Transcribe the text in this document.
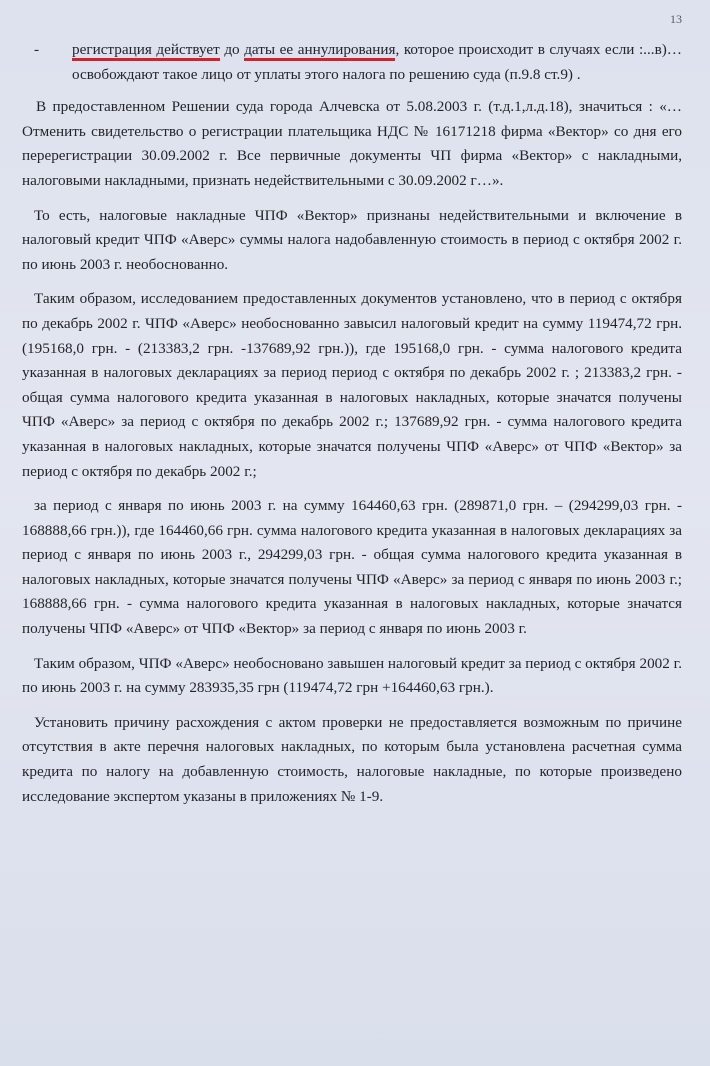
13
-	регистрация действует до даты ее аннулирования, которое происходит в случаях если :...в)…освобождают такое лицо от уплаты этого налога по решению суда (п.9.8 ст.9) .

В предоставленном Решении суда города Алчевска от 5.08.2003 г. (т.д.1,л.д.18), значиться : «… Отменить свидетельство о регистрации плательщика НДС № 16171218 фирма «Вектор» со дня его перерегистрации 30.09.2002 г. Все первичные документы ЧП фирма «Вектор» с накладными, налоговыми накладными, признать недействительными с 30.09.2002 г…».

То есть, налоговые накладные ЧПФ «Вектор» признаны недействительными и включение в налоговый кредит ЧПФ «Аверс» суммы налога надобавленную стоимость в период с октября 2002 г. по июнь 2003 г. необоснованно.

Таким образом, исследованием предоставленных документов установлено, что в период с октября по декабрь 2002 г. ЧПФ «Аверс» необоснованно завысил налоговый кредит на сумму 119474,72 грн. (195168,0 грн. - (213383,2 грн. -137689,92 грн.)), где 195168,0 грн. - сумма налогового кредита указанная в налоговых декларациях за период период с октября по декабрь 2002 г. ; 213383,2 грн. - общая сумма налогового кредита указанная в налоговых накладных, которые значатся получены ЧПФ «Аверс» за период с октября по декабрь 2002 г.; 137689,92 грн. - сумма налогового кредита указанная в налоговых накладных, которые значатся получены ЧПФ «Аверс» от ЧПФ «Вектор» за период с октября по декабрь 2002 г.;

за период с января по июнь 2003 г. на сумму 164460,63 грн. (289871,0 грн. – (294299,03 грн. - 168888,66 грн.)), где 164460,66 грн. сумма налогового кредита указанная в налоговых декларациях за период с января по июнь 2003 г., 294299,03 грн. - общая сумма налогового кредита указанная в налоговых накладных, которые значатся получены ЧПФ «Аверс» за период с января по июнь 2003 г.; 168888,66 грн. - сумма налогового кредита указанная в налоговых накладных, которые значатся получены ЧПФ «Аверс» от ЧПФ «Вектор» за период с января по июнь 2003 г.

Таким образом, ЧПФ «Аверс» необосновано завышен налоговый кредит за период с октября 2002 г. по июнь 2003 г. на сумму 283935,35 грн (119474,72 грн +164460,63 грн.).

Установить причину расхождения с актом проверки не предоставляется возможным по причине отсутствия в акте перечня налоговых накладных, по которым была установлена расчетная сумма кредита по налогу на добавленную стоимость, налоговые накладные, по которые произведено исследование экспертом указаны в приложениях № 1-9.
